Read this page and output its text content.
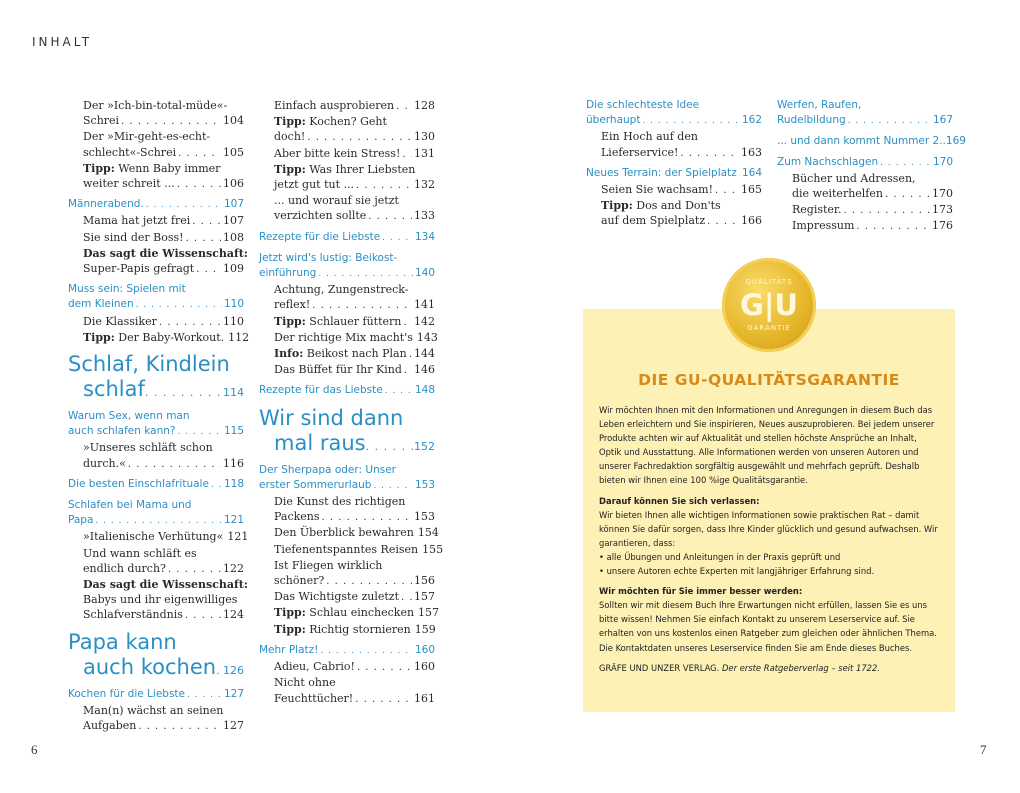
INHALT
Der »Ich-bin-total-müde«-
Schrei . . .	104
Der »Mir-geht-es-echt-
schlecht«-Schrei . . .	105
Tipp: Wenn Baby immer
weiter schreit ... . . .	106
Männerabend. . . .	107
Mama hat jetzt frei . . .	107
Sie sind der Boss! . . .	108
Das sagt die Wissenschaft:
Super-Papis gefragt . . .	109
Muss sein: Spielen mit
dem Kleinen . . .	110
Die Klassiker . . .	110
Tipp: Der Baby-Workout. 112
Schlaf, Kindlein
schlaf . . .	114
Warum Sex, wenn man
auch schlafen kann? . . .	115
»Unseres schläft schon
durch.« . . .	116
Die besten Einschlafrituale . . . 118
Schlafen bei Mama und
Papa . . .	121
»Italienische Verhütung« 121
Und wann schläft es
endlich durch? . . .	122
Das sagt die Wissenschaft:
Babys und ihr eigenwilliges
Schlafverständnis . . .	124
Papa kann
auch kochen . . . 126
Kochen für die Liebste . . .	127
Man(n) wächst an seinen
Aufgaben . . .	127
Einfach ausprobieren . . . 128
Tipp: Kochen? Geht
doch! . . .	130
Aber bitte kein Stress! . . . 131
Tipp: Was Ihrer Liebsten
jetzt gut tut ... . . .	132
... und worauf sie jetzt
verzichten sollte . . .	133
Rezepte für die Liebste . . .	134
Jetzt wird's lustig: Beikost-
einführung . . .	140
Achtung, Zungenstreck-
reflex! . . .	141
Tipp: Schlauer füttern . . . 142
Der richtige Mix macht's 143
Info: Beikost nach Plan . . . 144
Das Büffet für Ihr Kind . . . 146
Rezepte für das Liebste . . .	148
Wir sind dann
mal raus . . .	152
Der Sherpapa oder: Unser
erster Sommerurlaub . . .	153
Die Kunst des richtigen
Packens . . .	153
Den Überblick bewahren 154
Tiefenentspanntes Reisen 155
Ist Fliegen wirklich
schöner? . . .	156
Das Wichtigste zuletzt . . . 157
Tipp: Schlau einchecken 157
Tipp: Richtig stornieren 159
Mehr Platz! . . .	160
Adieu, Cabrio! . . .	160
Nicht ohne
Feuchttücher! . . .	161
Die schlechteste Idee
überhaupt . . .	162
Ein Hoch auf den
Lieferservice! . . .	163
Neues Terrain: der Spielplatz . . . 164
Seien Sie wachsam! . . .	165
Tipp: Dos and Don'ts
auf dem Spielplatz . . .	166
Werfen, Raufen,
Rudelbildung . . .	167
... und dann kommt Nummer 2.. 169
Zum Nachschlagen . . .	170
Bücher und Adressen,
die weiterhelfen . . .	170
Register. . . .	173
Impressum . . .	176
DIE GU-QUALITÄTSGARANTIE

Wir möchten Ihnen mit den Informationen und Anregungen in diesem Buch das Leben erleichtern und Sie inspirieren, Neues auszuprobieren. Bei jedem unserer Produkte achten wir auf Aktualität und stellen höchste Ansprüche an Inhalt, Optik und Ausstattung. Alle Informationen werden von unseren Autoren und unserer Fachredaktion sorgfältig ausgewählt und mehrfach geprüft. Deshalb bieten wir Ihnen eine 100 %ige Qualitätsgarantie.

Darauf können Sie sich verlassen:
Wir bieten Ihnen alle wichtigen Informationen sowie praktischen Rat – damit können Sie dafür sorgen, dass Ihre Kinder glücklich und gesund aufwachsen. Wir garantieren, dass:
• alle Übungen und Anleitungen in der Praxis geprüft und

• unsere Autoren echte Experten mit langjähriger Erfahrung sind.

Wir möchten für Sie immer besser werden:

Sollten wir mit diesem Buch Ihre Erwartungen nicht erfüllen, lassen Sie es uns bitte wissen! Nehmen Sie einfach Kontakt zu unserem Leserservice auf. Sie erhalten von uns kostenlos einen Ratgeber zum gleichen oder ähnlichen Thema. Die Kontaktdaten unseres Leserservice finden Sie am Ende dieses Buches.

GRÄFE UND UNZER VERLAG. Der erste Ratgeberverlag – seit 1722.
QUALITÄTS
G|U
GARANTIE
6	7
